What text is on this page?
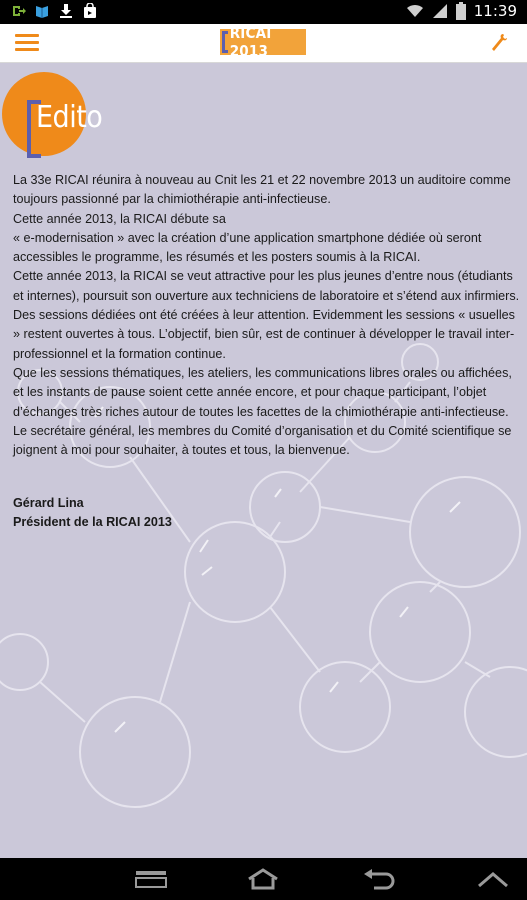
11:39
RICAI 2013
Edito

La 33e RICAI réunira à nouveau au Cnit les 21 et 22 novembre 2013 un auditoire comme toujours passionné par la chimiothérapie anti-infectieuse.

Cette année 2013, la RICAI débute sa

« e-modernisation » avec la création d’une application smartphone dédiée où seront accessibles le programme, les résumés et les posters soumis à la RICAI.

Cette année 2013, la RICAI se veut attractive pour les plus jeunes d’entre nous (étudiants et internes), poursuit son ouverture aux techniciens de laboratoire et s’étend aux infirmiers.

Des sessions dédiées ont été créées à leur attention. Evidemment les sessions « usuelles » restent ouvertes à tous. L’objectif, bien sûr, est de continuer à développer le travail inter-professionnel et la formation continue.

Que les sessions thématiques, les ateliers, les communications libres orales ou affichées, et les instants de pause soient cette année encore, et pour chaque participant, l’objet d’échanges très riches autour de toutes les facettes de la chimiothérapie anti-infectieuse.

Le secrétaire général, les membres du Comité d’organisation et du Comité scientifique se joignent à moi pour souhaiter, à toutes et tous, la bienvenue.

Gérard Lina
Président de la RICAI 2013
